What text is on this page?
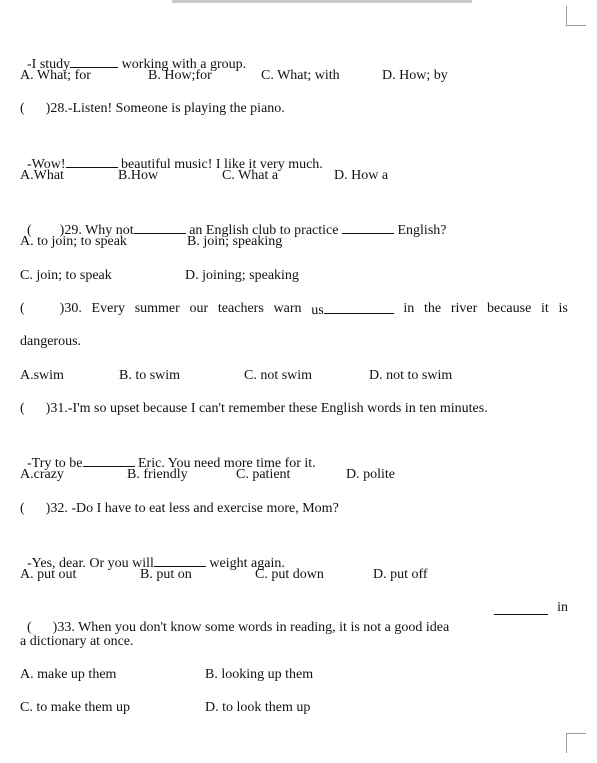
-I study	working with a group.

A. What; for	B. How;for	C. What; with	D. How; by
(      )28.-Listen! Someone is playing the piano.

-Wow!	beautiful music! I like it very much.

A.What	B.How	C. What a	D. How a

(        )29. Why not	an English club to practice	English?

A. to join; to speak	B. join; speaking
C. join; to speak	D. joining; speaking
(          )30. Every summer our teachers warn us	in the river because it is
dangerous.
A.swim	B. to swim	C. not swim	D. not to swim
(      )31.-I'm so upset because I can't remember these English words in ten minutes.

-Try to be	Eric. You need more time for it.

A.crazy	B. friendly	C. patient	D. polite
(      )32. -Do I have to eat less and exercise more, Mom?

-Yes, dear. Or you will	weight again.

A. put out	B. put on	C. put down	D. put off

(      )33. When you don't know some words in reading, it is not a good idea

in

a dictionary at once.
A. make up them	B. looking up them
C. to make them up	D. to look them up
